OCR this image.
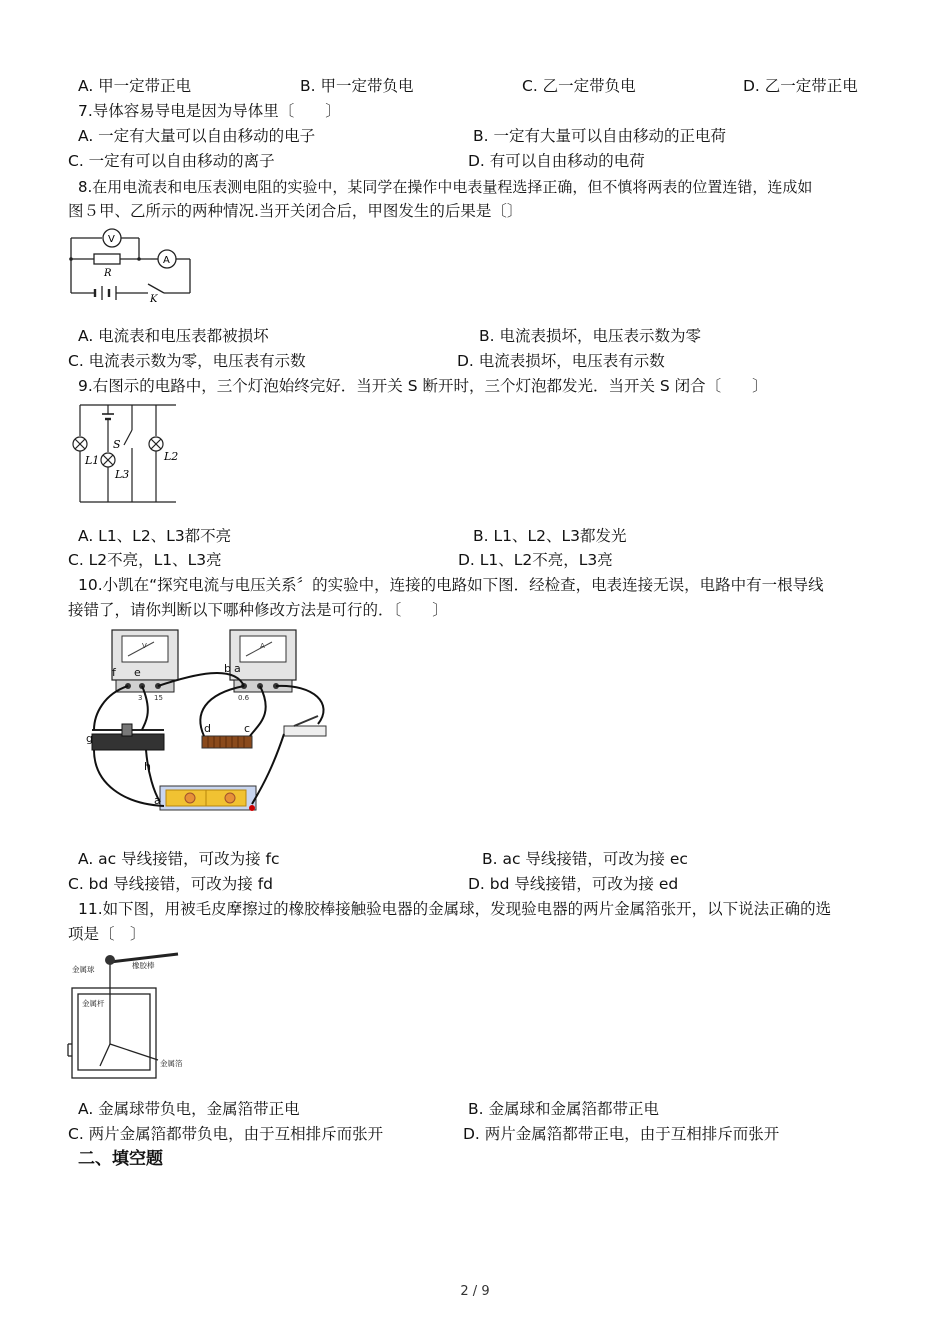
A. 甲一定带正电	B. 甲一定带负电	C. 乙一定带负电	D. 乙一定带正电
7.导体容易导电是因为导体里〔　　〕
A. 一定有大量可以自由移动的电子	B. 一定有大量可以自由移动的正电荷
C. 一定有可以自由移动的离子	D. 有可以自由移动的电荷
8.在用电流表和电压表测电阻的实验中，某同学在操作中电表量程选择正确，但不慎将两表的位置连错，连成如
图５甲、乙所示的两种情况.当开关闭合后，甲图发生的后果是〔〕
V
A
R
K
A. 电流表和电压表都被损坏	B. 电流表损坏，电压表示数为零
C. 电流表示数为零，电压表有示数	D. 电流表损坏，电压表有示数
9.右图示的电路中，三个灯泡始终完好．当开关 S 断开时，三个灯泡都发光．当开关 S 闭合〔　　〕
S
L1
L3
L2
A. L1、L2、L3都不亮	B. L1、L2、L3都发光
C. L2不亮，L1、L3亮	D. L1、L2不亮，L3亮
10.小凯在“探究电流与电压关系〞的实验中，连接的电路如下图．经检查，电表连接无误，电路中有一根导线
接错了，请你判断以下哪种修改方法是可行的．〔　　〕
f e	b a
g
h
d	c
a
V	A
0.6
3 15
A. ac 导线接错，可改为接 fc	B. ac 导线接错，可改为接 ec
C. bd 导线接错，可改为接 fd	D. bd 导线接错，可改为接 ed
11.如下图，用被毛皮摩擦过的橡胶棒接触验电器的金属球，发现验电器的两片金属箔张开，以下说法正确的选
项是〔　〕
金属球	橡胶棒
金属杆
金属箔
A. 金属球带负电，金属箔带正电	B. 金属球和金属箔都带正电
C. 两片金属箔都带负电，由于互相排斥而张开	D. 两片金属箔都带正电，由于互相排斥而张开
二、填空题
2 / 9
